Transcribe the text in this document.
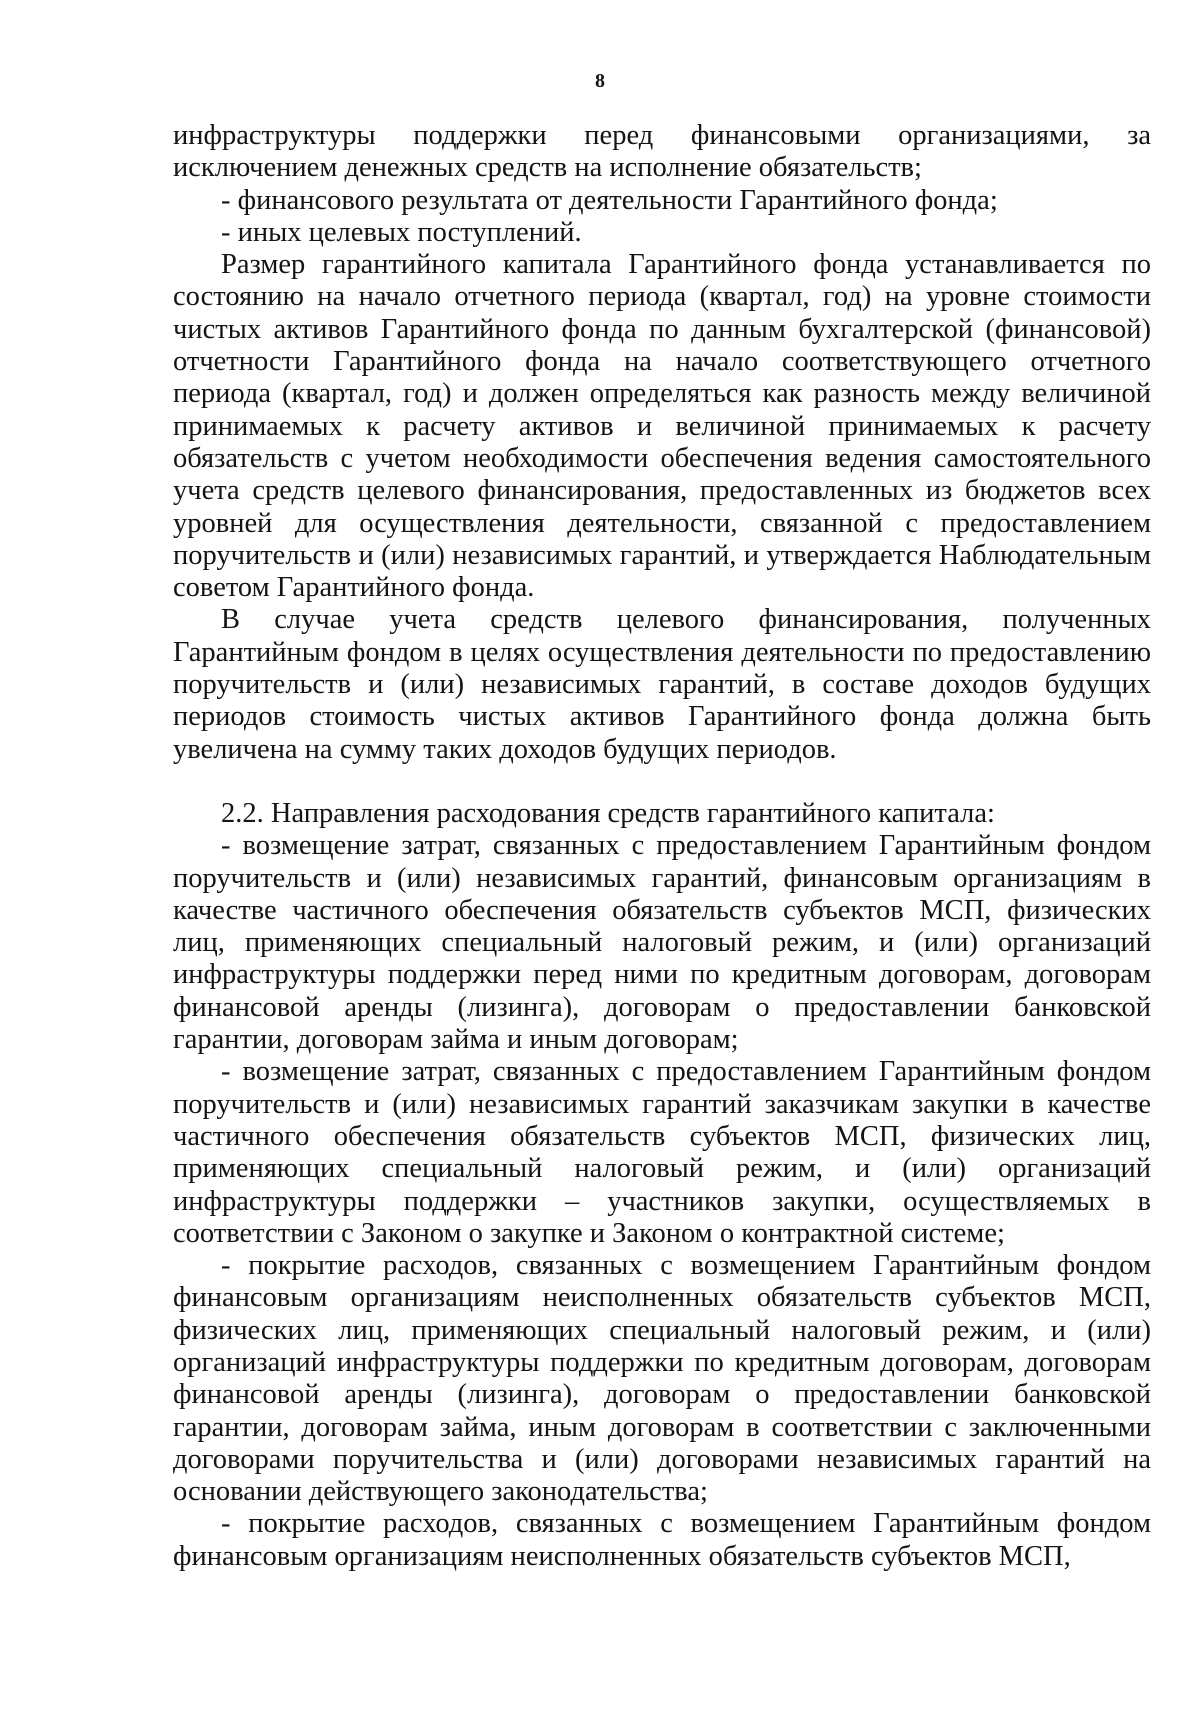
8

инфраструктуры поддержки перед финансовыми организациями, за исключением денежных средств на исполнение обязательств;

- финансового результата от деятельности Гарантийного фонда;

- иных целевых поступлений.

Размер гарантийного капитала Гарантийного фонда устанавливается по состоянию на начало отчетного периода (квартал, год) на уровне стоимости чистых активов Гарантийного фонда по данным бухгалтерской (финансовой) отчетности Гарантийного фонда на начало соответствующего отчетного периода (квартал, год) и должен определяться как разность между величиной принимаемых к расчету активов и величиной принимаемых к расчету обязательств с учетом необходимости обеспечения ведения самостоятельного учета средств целевого финансирования, предоставленных из бюджетов всех уровней для осуществления деятельности, связанной с предоставлением поручительств и (или) независимых гарантий, и утверждается Наблюдательным советом Гарантийного фонда.

В случае учета средств целевого финансирования, полученных Гарантийным фондом в целях осуществления деятельности по предоставлению поручительств и (или) независимых гарантий, в составе доходов будущих периодов стоимость чистых активов Гарантийного фонда должна быть увеличена на сумму таких доходов будущих периодов.

2.2. Направления расходования средств гарантийного капитала:

- возмещение затрат, связанных с предоставлением Гарантийным фондом поручительств и (или) независимых гарантий, финансовым организациям в качестве частичного обеспечения обязательств субъектов МСП, физических лиц, применяющих специальный налоговый режим, и (или) организаций инфраструктуры поддержки перед ними по кредитным договорам, договорам финансовой аренды (лизинга), договорам о предоставлении банковской гарантии, договорам займа и иным договорам;

- возмещение затрат, связанных с предоставлением Гарантийным фондом поручительств и (или) независимых гарантий заказчикам закупки в качестве частичного обеспечения обязательств субъектов МСП, физических лиц, применяющих специальный налоговый режим, и (или) организаций инфраструктуры поддержки – участников закупки, осуществляемых в соответствии с Законом о закупке и Законом о контрактной системе;

- покрытие расходов, связанных с возмещением Гарантийным фондом финансовым организациям неисполненных обязательств субъектов МСП, физических лиц, применяющих специальный налоговый режим, и (или) организаций инфраструктуры поддержки по кредитным договорам, договорам финансовой аренды (лизинга), договорам о предоставлении банковской гарантии, договорам займа, иным договорам в соответствии с заключенными договорами поручительства и (или) договорами независимых гарантий на основании действующего законодательства;

- покрытие расходов, связанных с возмещением Гарантийным фондом финансовым организациям неисполненных обязательств субъектов МСП,
